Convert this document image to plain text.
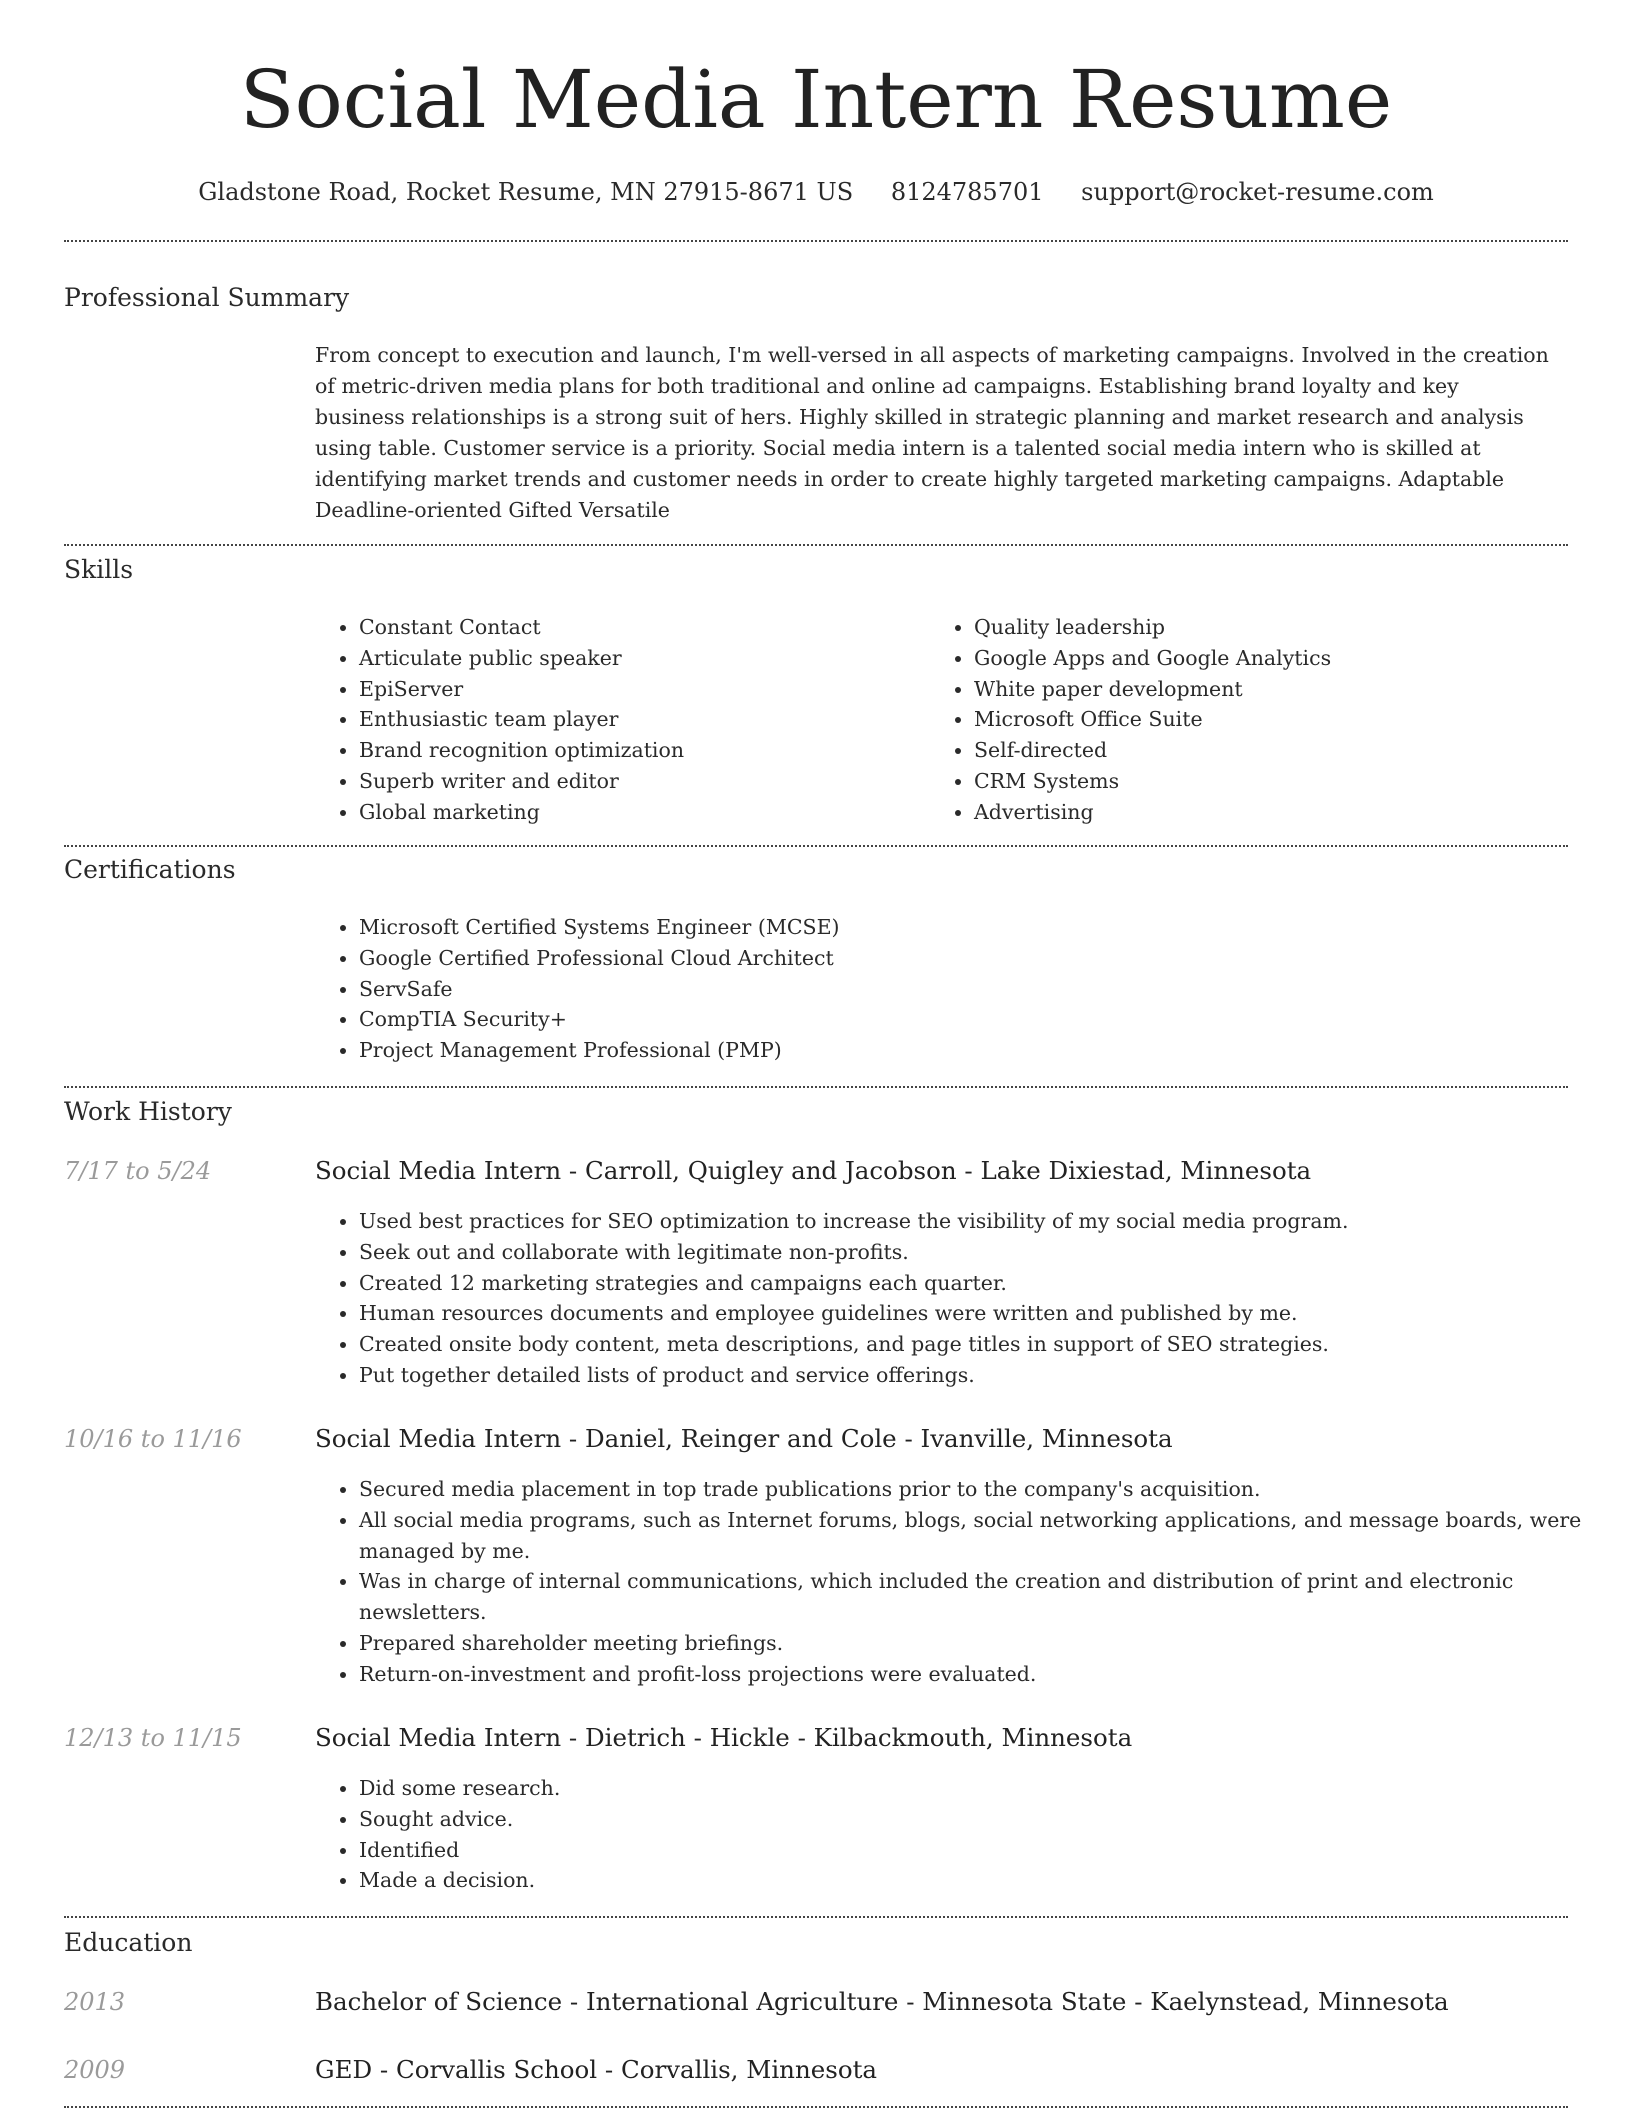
Social Media Intern Resume
Gladstone Road, Rocket Resume, MN 27915-8671 US 8124785701 support@rocket-resume.com
Professional Summary

From concept to execution and launch, I'm well-versed in all aspects of marketing campaigns. Involved in the creation of metric-driven media plans for both traditional and online ad campaigns. Establishing brand loyalty and key business relationships is a strong suit of hers. Highly skilled in strategic planning and market research and analysis using table. Customer service is a priority. Social media intern is a talented social media intern who is skilled at identifying market trends and customer needs in order to create highly targeted marketing campaigns. Adaptable Deadline-oriented Gifted Versatile

Skills
• Constant Contact
• Articulate public speaker
• EpiServer
• Enthusiastic team player
• Brand recognition optimization
• Superb writer and editor
• Global marketing
• Quality leadership
• Google Apps and Google Analytics
• White paper development
• Microsoft Office Suite
• Self-directed
• CRM Systems
• Advertising
Certifications
• Microsoft Certified Systems Engineer (MCSE)
• Google Certified Professional Cloud Architect
• ServSafe
• CompTIA Security+
• Project Management Professional (PMP)
Work History
7/17 to 5/24	Social Media Intern - Carroll, Quigley and Jacobson - Lake Dixiestad, Minnesota
• Used best practices for SEO optimization to increase the visibility of my social media program.
• Seek out and collaborate with legitimate non-profits.
• Created 12 marketing strategies and campaigns each quarter.
• Human resources documents and employee guidelines were written and published by me.
• Created onsite body content, meta descriptions, and page titles in support of SEO strategies.
• Put together detailed lists of product and service offerings.
10/16 to 11/16	Social Media Intern - Daniel, Reinger and Cole - Ivanville, Minnesota
• Secured media placement in top trade publications prior to the company's acquisition.
• All social media programs, such as Internet forums, blogs, social networking applications, and message boards, were managed by me.
• Was in charge of internal communications, which included the creation and distribution of print and electronic newsletters.
• Prepared shareholder meeting briefings.
• Return-on-investment and profit-loss projections were evaluated.
12/13 to 11/15	Social Media Intern - Dietrich - Hickle - Kilbackmouth, Minnesota
• Did some research.
• Sought advice.
• Identified
• Made a decision.
Education
2013	Bachelor of Science - International Agriculture - Minnesota State - Kaelynstead, Minnesota
2009	GED - Corvallis School - Corvallis, Minnesota
